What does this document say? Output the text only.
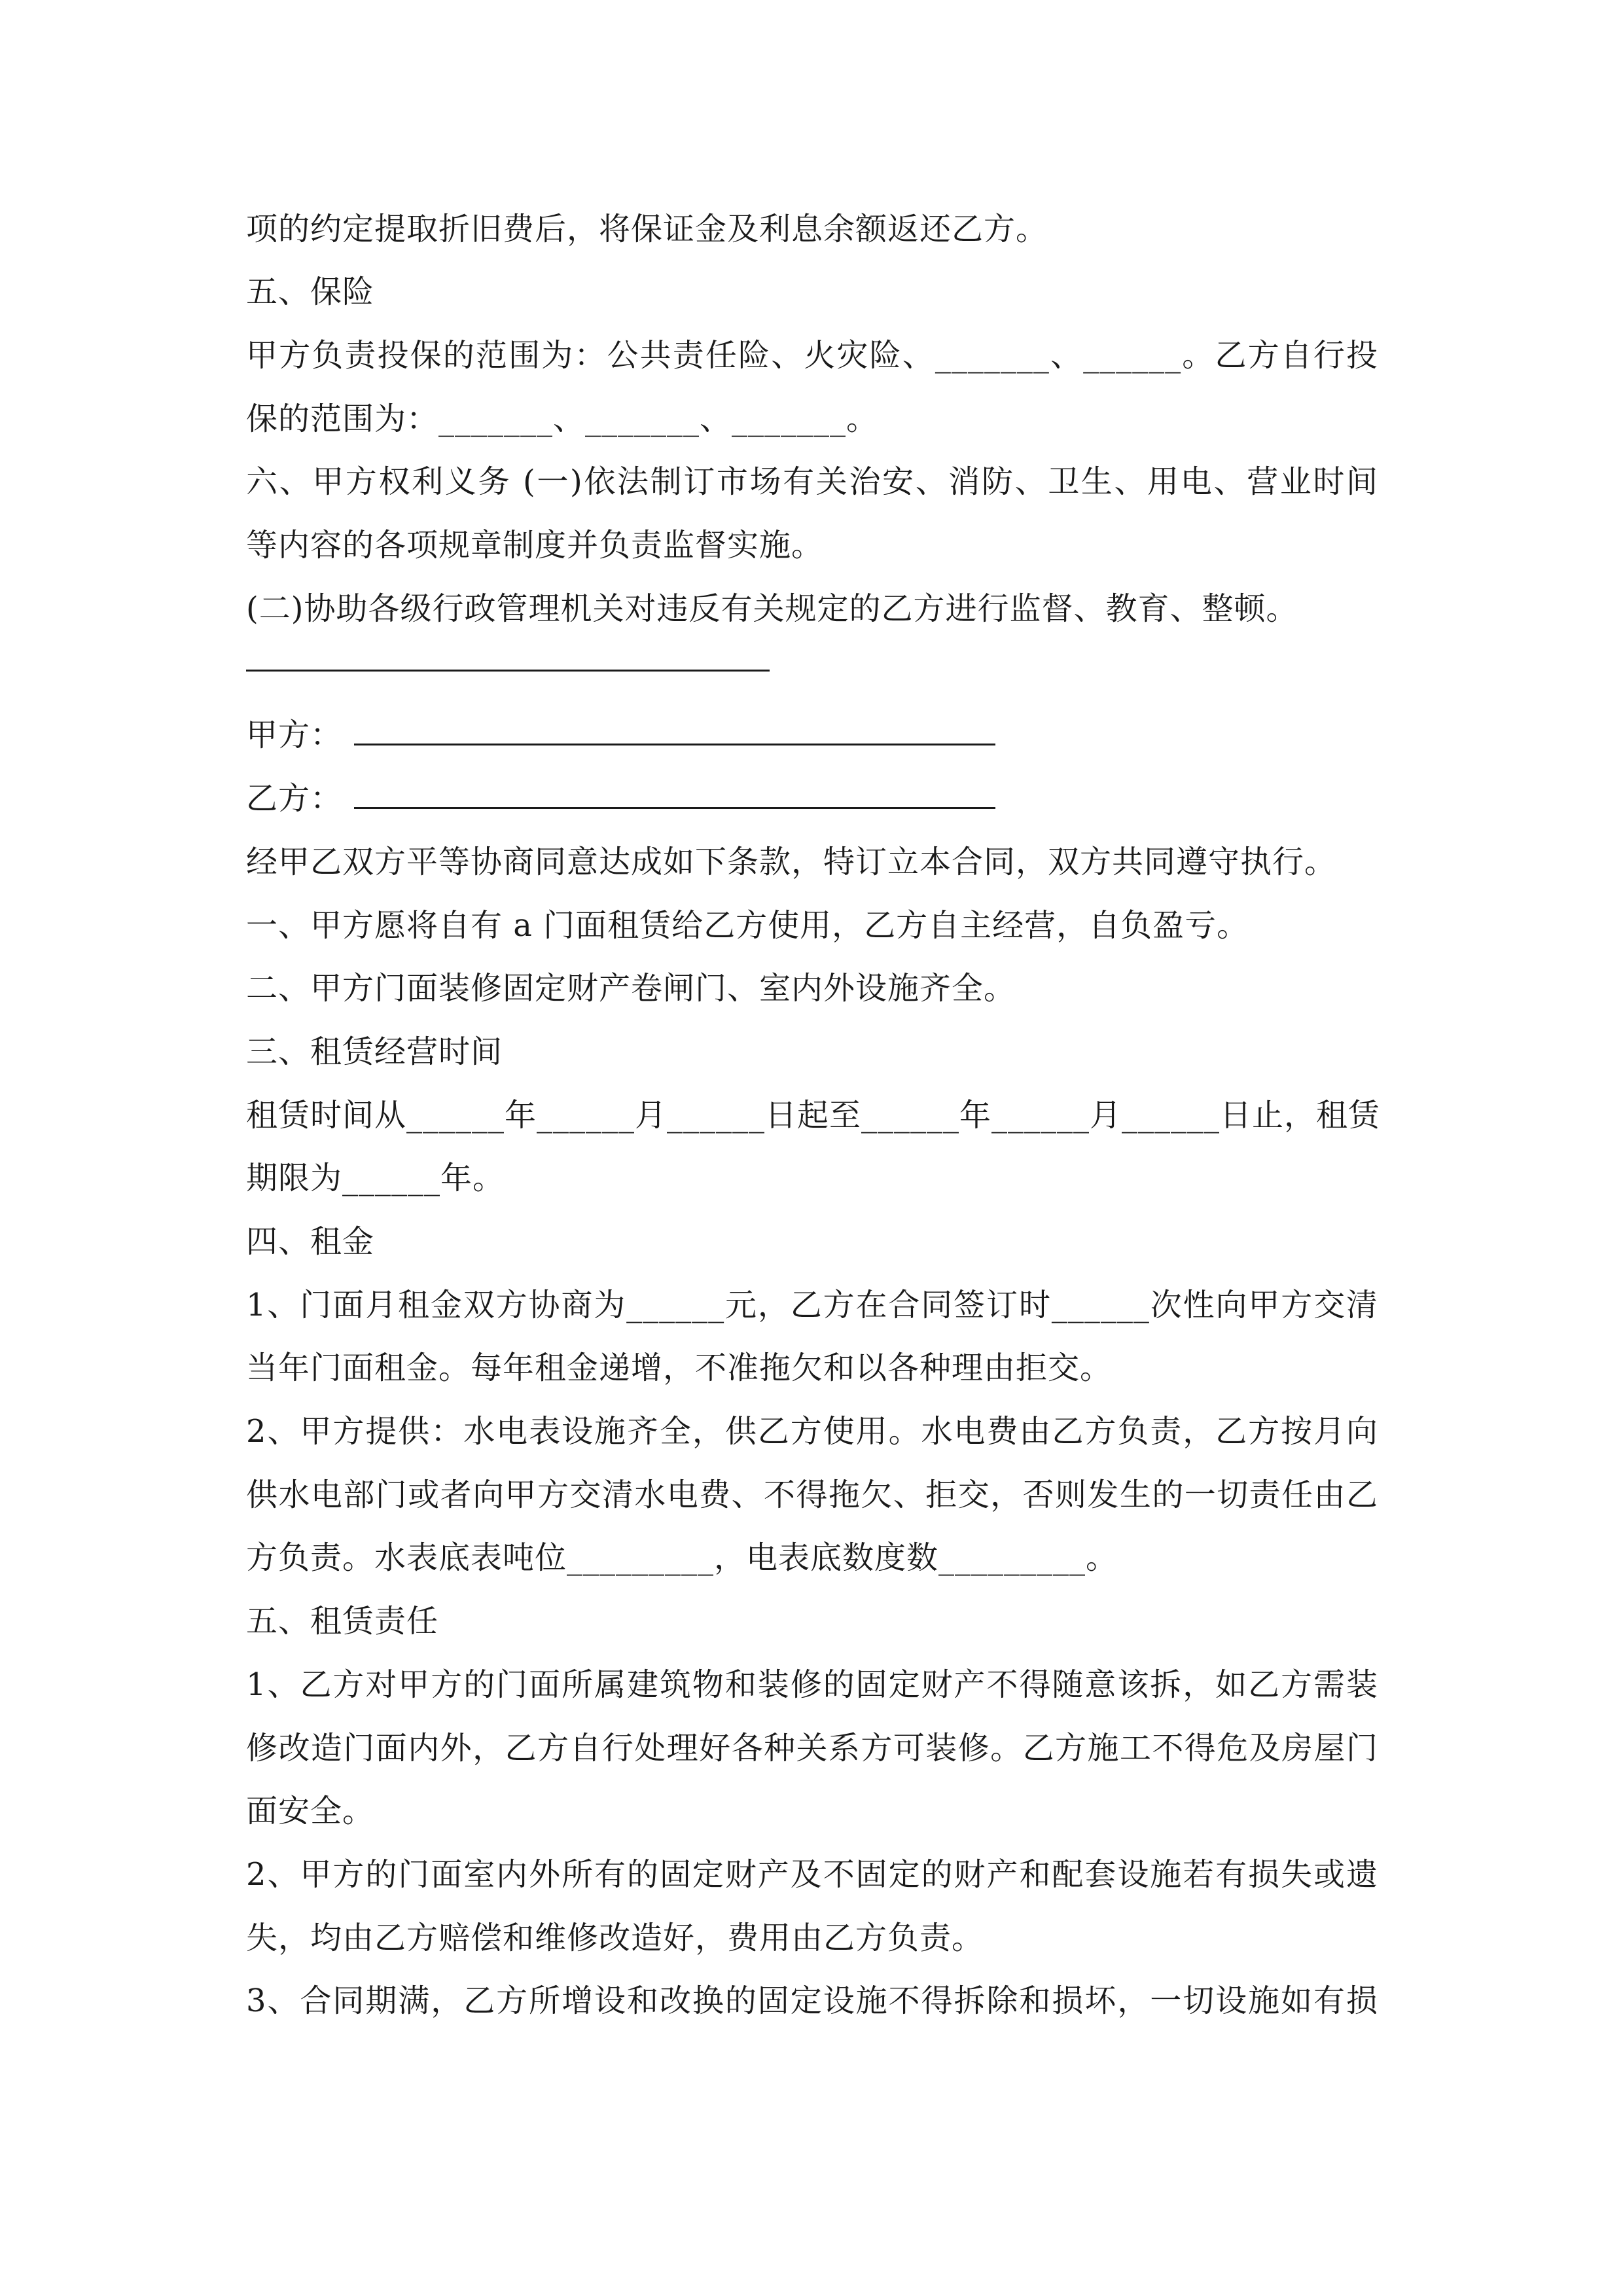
项的约定提取折旧费后，将保证金及利息余额返还乙方。
五、保险
甲方负责投保的范围为：公共责任险、火灾险、_______、______。乙方自行投
保的范围为：_______、_______、_______。
六、甲方权利义务 (一)依法制订市场有关治安、消防、卫生、用电、营业时间
等内容的各项规章制度并负责监督实施。
(二)协助各级行政管理机关对违反有关规定的乙方进行监督、教育、整顿。
甲方：
乙方：
经甲乙双方平等协商同意达成如下条款，特订立本合同，双方共同遵守执行。
一、甲方愿将自有 a 门面租赁给乙方使用，乙方自主经营，自负盈亏。
二、甲方门面装修固定财产卷闸门、室内外设施齐全。
三、租赁经营时间
租赁时间从______年______月______日起至______年______月______日止，租赁
期限为______年。
四、租金
1、门面月租金双方协商为______元，乙方在合同签订时______次性向甲方交清
当年门面租金。每年租金递增，不准拖欠和以各种理由拒交。
2、甲方提供：水电表设施齐全，供乙方使用。水电费由乙方负责，乙方按月向
供水电部门或者向甲方交清水电费、不得拖欠、拒交，否则发生的一切责任由乙
方负责。水表底表吨位_________，电表底数度数_________。
五、租赁责任
1、乙方对甲方的门面所属建筑物和装修的固定财产不得随意该拆，如乙方需装
修改造门面内外，乙方自行处理好各种关系方可装修。乙方施工不得危及房屋门
面安全。
2、甲方的门面室内外所有的固定财产及不固定的财产和配套设施若有损失或遗
失，均由乙方赔偿和维修改造好，费用由乙方负责。
3、合同期满，乙方所增设和改换的固定设施不得拆除和损坏，一切设施如有损
